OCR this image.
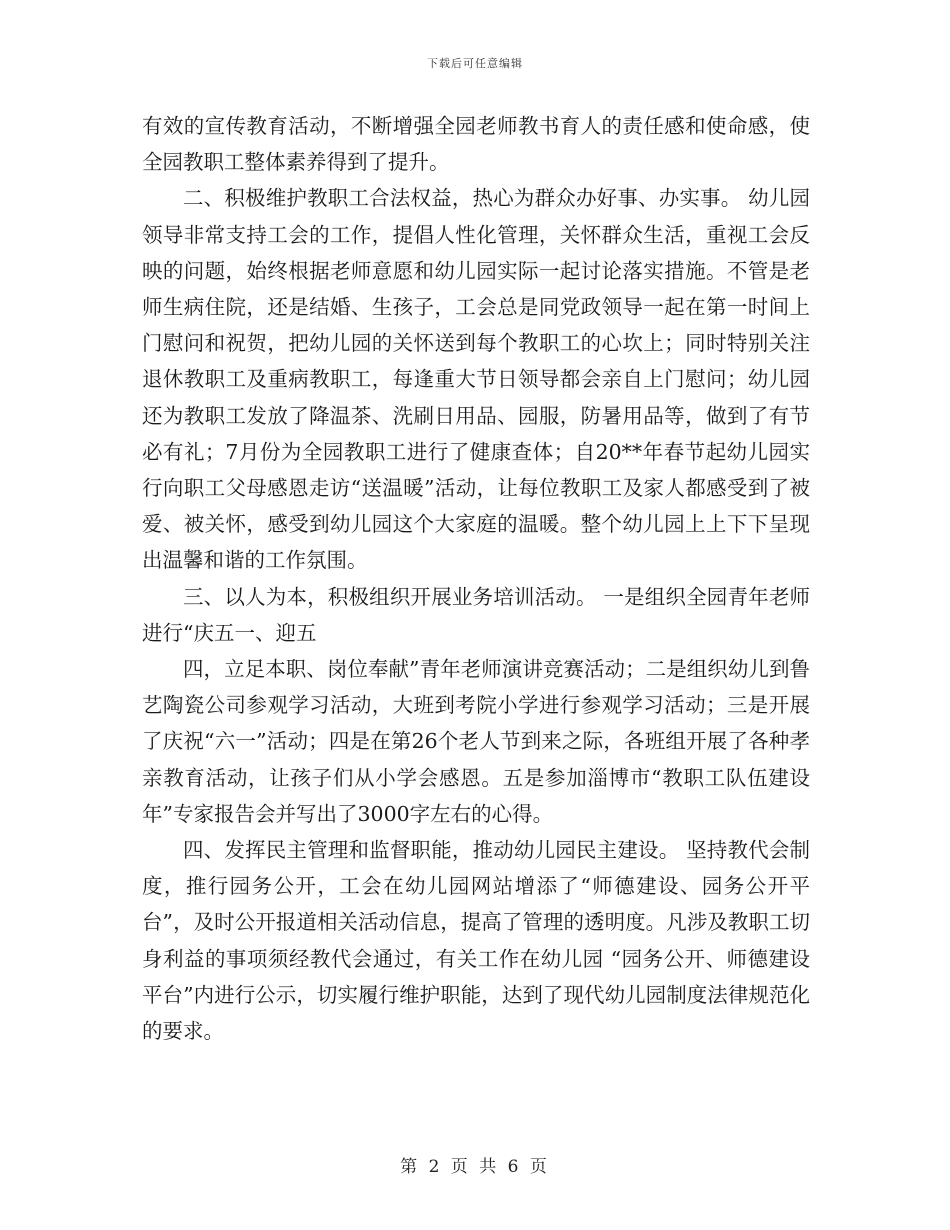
下载后可任意编辑

有效的宣传教育活动，不断增强全园老师教书育人的责任感和使命感，使全园教职工整体素养得到了提升。

二、积极维护教职工合法权益，热心为群众办好事、办实事。 幼儿园领导非常支持工会的工作，提倡人性化管理，关怀群众生活，重视工会反映的问题，始终根据老师意愿和幼儿园实际一起讨论落实措施。不管是老师生病住院，还是结婚、生孩子，工会总是同党政领导一起在第一时间上门慰问和祝贺，把幼儿园的关怀送到每个教职工的心坎上；同时特别关注退休教职工及重病教职工，每逢重大节日领导都会亲自上门慰问；幼儿园还为教职工发放了降温茶、洗刷日用品、园服，防暑用品等，做到了有节必有礼；7月份为全园教职工进行了健康查体；自20**年春节起幼儿园实行向职工父母感恩走访“送温暖”活动，让每位教职工及家人都感受到了被爱、被关怀，感受到幼儿园这个大家庭的温暖。整个幼儿园上上下下呈现出温馨和谐的工作氛围。

三、以人为本，积极组织开展业务培训活动。 一是组织全园青年老师进行“庆五一、迎五

四，立足本职、岗位奉献”青年老师演讲竞赛活动；二是组织幼儿到鲁艺陶瓷公司参观学习活动，大班到考院小学进行参观学习活动；三是开展了庆祝“六一”活动；四是在第26个老人节到来之际，各班组开展了各种孝亲教育活动，让孩子们从小学会感恩。五是参加淄博市“教职工队伍建设年”专家报告会并写出了3000字左右的心得。

四、发挥民主管理和监督职能，推动幼儿园民主建设。 坚持教代会制度，推行园务公开，工会在幼儿园网站增添了“师德建设、园务公开平台”，及时公开报道相关活动信息，提高了管理的透明度。凡涉及教职工切身利益的事项须经教代会通过，有关工作在幼儿园 “园务公开、师德建设平台”内进行公示，切实履行维护职能，达到了现代幼儿园制度法律规范化的要求。

第 2 页 共 6 页
